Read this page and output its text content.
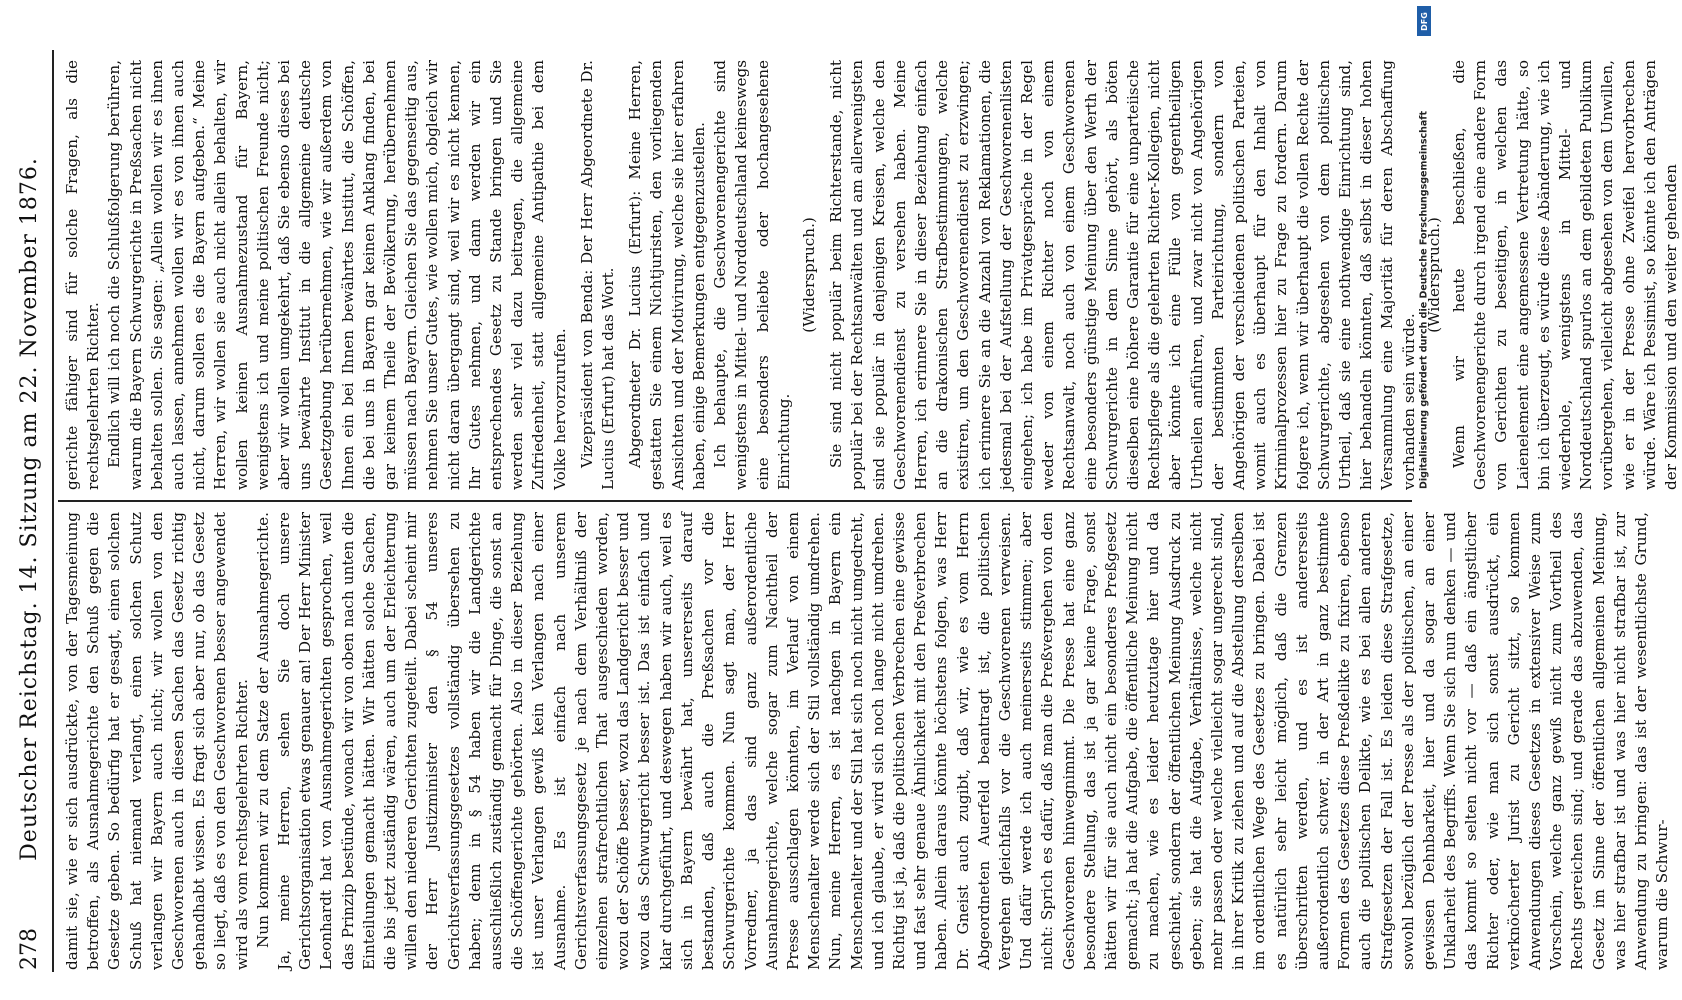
278
Deutscher Reichstag. 14. Sitzung am 22. November 1876. damit sie, wie er sich ausdrückte, von der Tagesmeinung betroffen, als Ausnahmegerichte den Schuß gegen die Gesetze geben. So bedürfig hat er gesagt, einen solchen Schuß hat niemand verlangt, einen solchen Schutz verlangen wir Bayern auch nicht; wir wollen von den Geschworenen auch in diesen Sachen das Gesetz richtig gehandhabt wissen. Es fragt sich aber nur, ob das Gesetz so liegt, daß es von den Geschworenen besser angewendet wird als vom rechtsgelehrten Richter. Nun kommen wir zu dem Satze der Ausnahmegerichte. Ja, meine Herren, sehen Sie doch unsere Gerichtsorganisation etwas genauer an! Der Herr Minister Leonhardt hat von Ausnahmegerichten gesprochen, weil das Prinzip bestünde, wonach wir von oben nach unten die Einteilungen gemacht hätten. Wir hätten solche Sachen, die bis jetzt zuständig wären, auch um der Erleichterung willen den niederen Gerichten zugeteilt. Dabei scheint mir der Herr Justizminister den § 54 unseres Gerichtsverfassungsgesetzes vollständig übersehen zu haben; denn in § 54 haben wir die Landgerichte ausschließlich zuständig gemacht für Dinge, die sonst an die Schöffengerichte gehörten. Also in dieser Beziehung ist unser Verlangen gewiß kein Verlangen nach einer Ausnahme. Es ist einfach nach unserem Gerichtsverfassungsgesetz je nach dem Verhältniß der einzelnen strafrechtlichen That ausgeschieden worden, wozu der Schöffe besser, wozu das Landgericht besser und wozu das Schwurgericht besser ist. Das ist einfach und klar durchgeführt, und deswegen haben wir auch, weil es sich in Bayern bewährt hat, unsererseits darauf bestanden, daß auch die Preßsachen vor die Schwurgerichte kommen. Nun sagt man, der Herr Vorredner, ja das sind ganz außerordentliche Ausnahmegerichte, welche sogar zum Nachtheil der Presse ausschlagen könnten, im Verlauf von einem Menschenalter werde sich der Stil vollständig umdrehen. Nun, meine Herren, es ist nachgen in Bayern ein Menschenalter und der Stil hat sich noch nicht umgedreht, und ich glaube, er wird sich noch lange nicht umdrehen. Richtig ist ja, daß die politischen Verbrechen eine gewisse und fast sehr genaue Ähnlichkeit mit den Preßverbrechen haben. Allein daraus könnte höchstens folgen, was Herr Dr. Gneist auch zugibt, daß wir, wie es vom Herrn Abgeordneten Auerfeld beantragt ist, die politischen Vergehen gleichfalls vor die Geschworenen verweisen. Und dafür werde ich auch meinerseits stimmen; aber nicht: Sprich es dafür, daß man die Preßvergehen von den Geschworenen hinwegnimmt. Die Presse hat eine ganz besondere Stellung, das ist ja gar keine Frage, sonst hätten wir für sie auch nicht ein besonderes Preßgesetz gemacht; ja hat die Aufgabe, die öffentliche Meinung nicht zu machen, wie es leider heutzutage hier und da geschieht, sondern der öffentlichen Meinung Ausdruck zu geben; sie hat die Aufgabe, Verhältnisse, welche nicht mehr passen oder welche vielleicht sogar ungerecht sind, in ihrer Kritik zu ziehen und auf die Abstellung derselben im ordentlichen Wege des Gesetzes zu bringen. Dabei ist es natürlich sehr leicht möglich, daß die Grenzen überschritten werden, und es ist andererseits außerordentlich schwer, in der Art in ganz bestimmte Formen des Gesetzes diese Preßdelikte zu fixiren, ebenso auch die politischen Delikte, wie es bei allen anderen Strafgesetzen der Fall ist. Es leiden diese Strafgesetze, sowohl bezüglich der Presse als der politischen, an einer gewissen Dehnbarkeit, hier und da sogar an einer Unklarheit des Begriffs. Wenn Sie sich nun denken — und das kommt so selten nicht vor — daß ein ängstlicher Richter oder, wie man sich sonst ausdrückt, ein verknöcherter Jurist zu Gericht sitzt, so kommen Anwendungen dieses Gesetzes in extensiver Weise zum Vorschein, welche ganz gewiß nicht zum Vortheil des Rechts gereichen sind; und gerade das abzuwenden, das Gesetz im Sinne der öffentlichen allgemeinen Meinung, was hier strafbar ist und was hier nicht strafbar ist, zur Anwendung zu bringen: das ist der wesentlichste Grund, warum die Schwur-

gerichte fähiger sind für solche Fragen, als die rechtsgelehrten Richter. Endlich will ich noch die Schlußfolgerung berühren, warum die Bayern Schwurgerichte in Preßsachen nicht behalten sollen. Sie sagen: „Allein wollen wir es ihnen auch lassen, annehmen wollen wir es von ihnen auch nicht, darum sollen es die Bayern aufgeben.“ Meine Herren, wir wollen sie auch nicht allein behalten, wir wollen keinen Ausnahmezustand für Bayern, wenigstens ich und meine politischen Freunde nicht; aber wir wollen umgekehrt, daß Sie ebenso dieses bei uns bewährte Institut in die allgemeine deutsche Gesetzgebung herübernehmen, wie wir außerdem von Ihnen ein bei Ihnen bewährtes Institut, die Schöffen, die bei uns in Bayern gar keinen Anklang finden, bei gar keinem Theile der Bevölkerung, herübernehmen müssen nach Bayern. Gleichen Sie das gegenseitig aus, nehmen Sie unser Gutes, wie wollen mich, obgleich wir nicht daran übergangt sind, weil wir es nicht kennen, Ihr Gutes nehmen, und dann werden wir ein entsprechendes Gesetz zu Stande bringen und Sie werden sehr viel dazu beitragen, die allgemeine Zufriedenheit, statt allgemeine Antipathie bei dem Volke hervorzurufen. Vizepräsident von Benda: Der Herr Abgeordnete Dr. Lucius (Erfurt) hat das Wort. Abgeordneter Dr. Lucius (Erfurt): Meine Herren, gestatten Sie einem Nichtjuristen, den vorliegenden Ansichten und der Motivirung, welche sie hier erfahren haben, einige Bemerkungen entgegenzustellen. Ich behaupte, die Geschworenengerichte sind wenigstens in Mittel- und Norddeutschland keineswegs eine besonders beliebte oder hochangesehene Einrichtung.

(Widerspruch.) Sie sind nicht populär beim Richterstande, nicht populär bei der Rechtsanwälten und am allerwenigsten sind sie populär in denjenigen Kreisen, welche den Geschworenendienst zu versehen haben. Meine Herren, ich erinnere Sie in dieser Beziehung einfach an die drakonischen Strafbestimmungen, welche existiren, um den Geschworenendienst zu erzwingen; ich erinnere Sie an die Anzahl von Reklamationen, die jedesmal bei der Aufstellung der Geschworenenlisten eingehen; ich habe im Privatgespräche in der Regel weder von einem Richter noch von einem Rechtsanwalt, noch auch von einem Geschworenen eine besonders günstige Meinung über den Werth der Schwurgerichte in dem Sinne gehört, als böten dieselben eine höhere Garantie für eine unparteiische Rechtspflege als die gelehrten Richter-Kollegien, nicht aber könnte ich eine Fülle von gegentheiligen Urtheilen anführen, und zwar nicht von Angehörigen der bestimmten Parteirichtung, sondern von Angehörigen der verschiedenen politischen Parteien, womit auch es überhaupt für den Inhalt von Kriminalprozessen hier zu Frage zu fordern. Darum folgere ich, wenn wir überhaupt die vollen Rechte der Schwurgerichte, abgesehen von dem politischen Urtheil, daß sie eine nothwendige Einrichtung sind, hier behandeln könnten, daß selbst in dieser hohen Versammlung eine Majorität für deren Abschaffung vorhanden sein würde.

(Widerspruch.) Wenn wir heute beschließen, die Geschworenengerichte durch irgend eine andere Form von Gerichten zu beseitigen, in welchen das Laienelement eine angemessene Vertretung hätte, so bin ich überzeugt, es würde diese Abänderung, wie ich wiederhole, wenigstens in Mittel- und Norddeutschland spurlos an dem gebildeten Publikum vorübergehen, vielleicht abgesehen von dem Unwillen, wie er in der Presse ohne Zweifel hervorbrechen würde. Wäre ich Pessimist, so könnte ich den Anträgen der Kommission und den weiter gehenden

DFG
Digitalisierung gefördert durch die Deutsche Forschungsgemeinschaft
